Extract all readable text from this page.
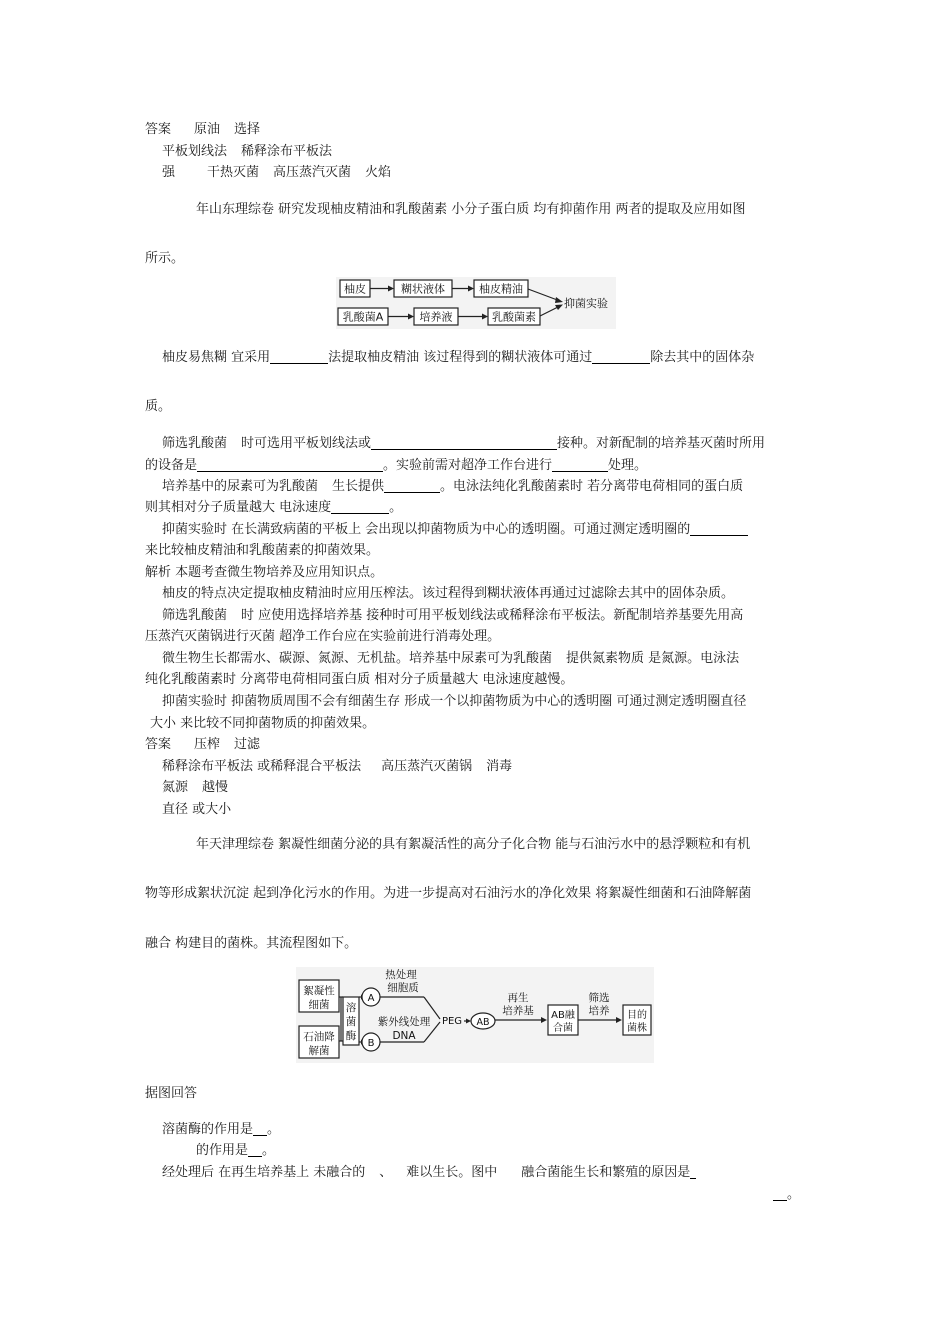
答案 原油 选择
平板划线法 稀释涂布平板法
强 干热灭菌 高压蒸汽灭菌 火焰
年山东理综卷 研究发现柚皮精油和乳酸菌素 小分子蛋白质 均有抑菌作用 两者的提取及应用如图
所示。
柚皮	糊状液体	柚皮精油
乳酸菌A	培养液	乳酸菌素
抑菌实验
柚皮易焦糊 宜采用	法提取柚皮精油 该过程得到的糊状液体可通过	除去其中的固体杂
质。
筛选乳酸菌 时可选用平板划线法或	接种。对新配制的培养基灭菌时所用
的设备是	。实验前需对超净工作台进行	处理。
培养基中的尿素可为乳酸菌 生长提供	。电泳法纯化乳酸菌素时 若分离带电荷相同的蛋白质
则其相对分子质量越大 电泳速度	。
抑菌实验时 在长满致病菌的平板上 会出现以抑菌物质为中心的透明圈。可通过测定透明圈的
来比较柚皮精油和乳酸菌素的抑菌效果。
解析 本题考查微生物培养及应用知识点。
柚皮的特点决定提取柚皮精油时应用压榨法。该过程得到糊状液体再通过过滤除去其中的固体杂质。
筛选乳酸菌 时 应使用选择培养基 接种时可用平板划线法或稀释涂布平板法。新配制培养基要先用高
压蒸汽灭菌锅进行灭菌 超净工作台应在实验前进行消毒处理。
微生物生长都需水、碳源、氮源、无机盐。培养基中尿素可为乳酸菌 提供氮素物质 是氮源。电泳法
纯化乳酸菌素时 分离带电荷相同蛋白质 相对分子质量越大 电泳速度越慢。
抑菌实验时 抑菌物质周围不会有细菌生存 形成一个以抑菌物质为中心的透明圈 可通过测定透明圈直径
大小 来比较不同抑菌物质的抑菌效果。
答案 压榨 过滤
稀释涂布平板法 或稀释混合平板法 高压蒸汽灭菌锅 消毒
氮源 越慢
直径 或大小
年天津理综卷 絮凝性细菌分泌的具有絮凝活性的高分子化合物 能与石油污水中的悬浮颗粒和有机
物等形成絮状沉淀 起到净化污水的作用。为进一步提高对石油污水的净化效果 将絮凝性细菌和石油降解菌
融合 构建目的菌株。其流程图如下。
絮凝性
细菌
石油降
解菌
溶
菌
酶
A
B
热处理
细胞质
紫外线处理
DNA
PEG AB
再生
培养基 AB融
合菌
筛选
培养 目的
菌株
据图回答
溶菌酶的作用是 。
的作用是 。
经处理后 在再生培养基上 未融合的 、 难以生长。图中 融合菌能生长和繁殖的原因是
。
